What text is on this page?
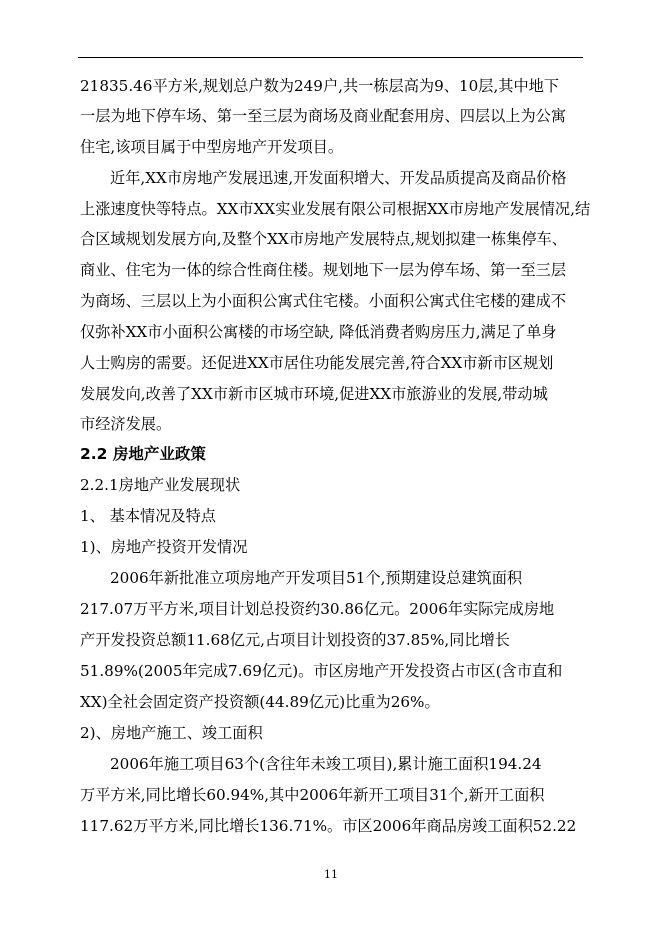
21835.46平方米,规划总户数为249户,共一栋层高为9、10层,其中地下
一层为地下停车场、第一至三层为商场及商业配套用房、四层以上为公寓
住宅,该项目属于中型房地产开发项目。
近年,XX市房地产发展迅速,开发面积增大、开发品质提高及商品价格
上涨速度快等特点。XX市XX实业发展有限公司根据XX市房地产发展情况,结
合区域规划发展方向,及整个XX市房地产发展特点,规划拟建一栋集停车、
商业、住宅为一体的综合性商住楼。规划地下一层为停车场、第一至三层
为商场、三层以上为小面积公寓式住宅楼。小面积公寓式住宅楼的建成不
仅弥补XX市小面积公寓楼的市场空缺, 降低消费者购房压力,满足了单身
人士购房的需要。还促进XX市居住功能发展完善,符合XX市新市区规划
发展发向,改善了XX市新市区城市环境,促进XX市旅游业的发展,带动城
市经济发展。
2.2 房地产业政策
2.2.1房地产业发展现状
1、 基本情况及特点
1)、房地产投资开发情况
2006年新批准立项房地产开发项目51个,预期建设总建筑面积
217.07万平方米,项目计划总投资约30.86亿元。2006年实际完成房地
产开发投资总额11.68亿元,占项目计划投资的37.85%,同比增长
51.89%(2005年完成7.69亿元)。市区房地产开发投资占市区(含市直和
XX)全社会固定资产投资额(44.89亿元)比重为26%。
2)、房地产施工、竣工面积
2006年施工项目63个(含往年未竣工项目),累计施工面积194.24
万平方米,同比增长60.94%,其中2006年新开工项目31个,新开工面积
117.62万平方米,同比增长136.71%。市区2006年商品房竣工面积52.22
11
